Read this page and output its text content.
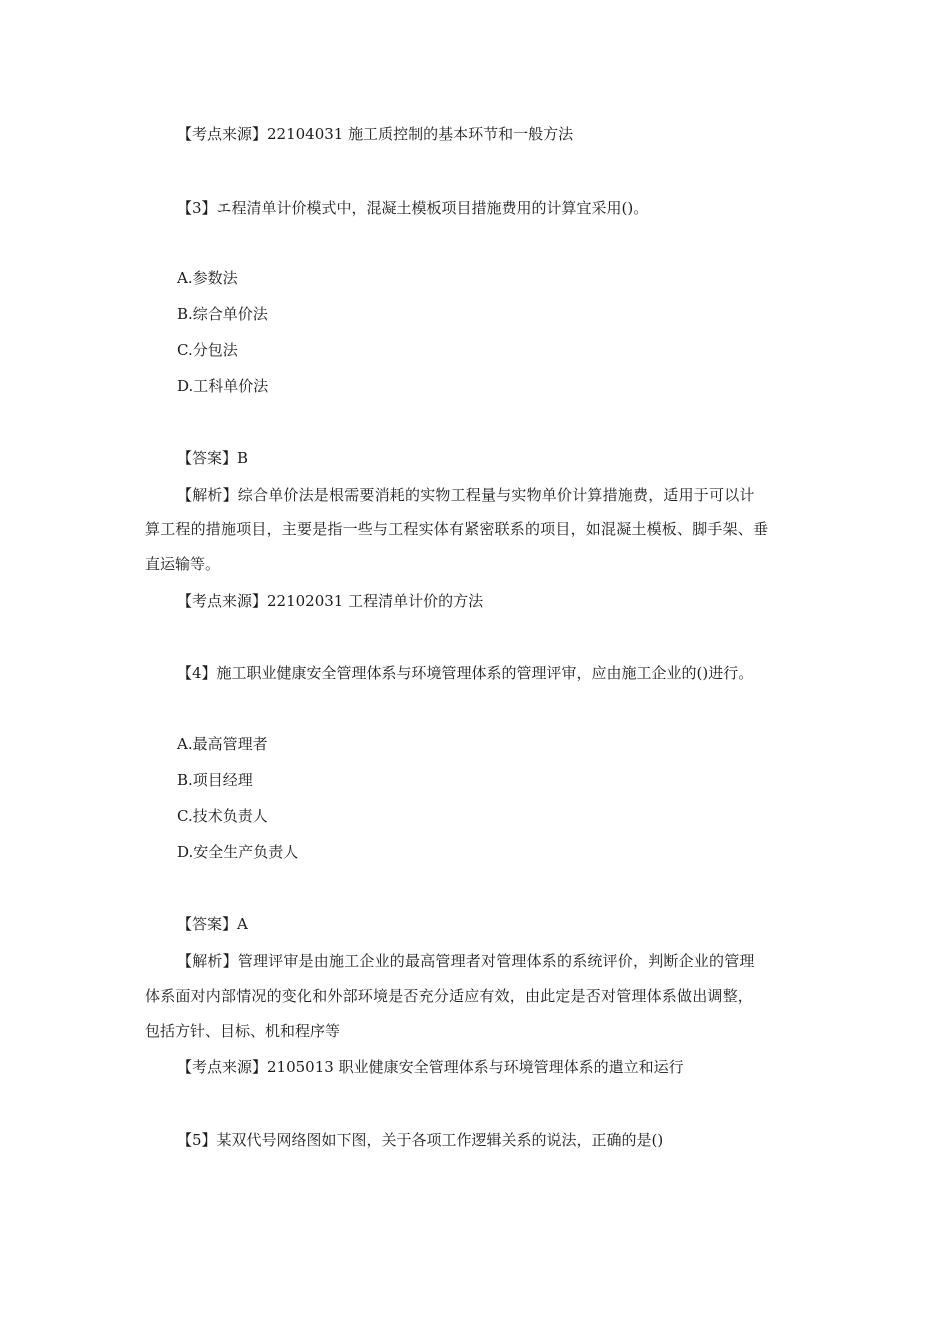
【考点来源】22104031 施工质控制的基本环节和一般方法
【3】エ程清单计价模式中，混凝土模板项目措施费用的计算宜采用()。
A.参数法
B.综合单价法
C.分包法
D.工科单价法
【答案】B
【解析】综合单价法是根需要消耗的实物工程量与实物单价计算措施费，适用于可以计
算工程的措施项目，主要是指一些与工程实体有紧密联系的项目，如混凝土模板、脚手架、垂
直运输等。
【考点来源】22102031 工程清单计价的方法
【4】施工职业健康安全管理体系与环境管理体系的管理评审，应由施工企业的()进行。
A.最高管理者
B.项目经理
C.技术负责人
D.安全生产负责人
【答案】A
【解析】管理评审是由施工企业的最高管理者对管理体系的系统评价，判断企业的管理
体系面对内部情况的变化和外部环境是否充分适应有效，由此定是否对管理体系做出调整，
包括方针、目标、机和程序等
【考点来源】2105013 职业健康安全管理体系与环境管理体系的遣立和运行
【5】某双代号网络图如下图，关于各项工作逻辑关系的说法，正确的是()
